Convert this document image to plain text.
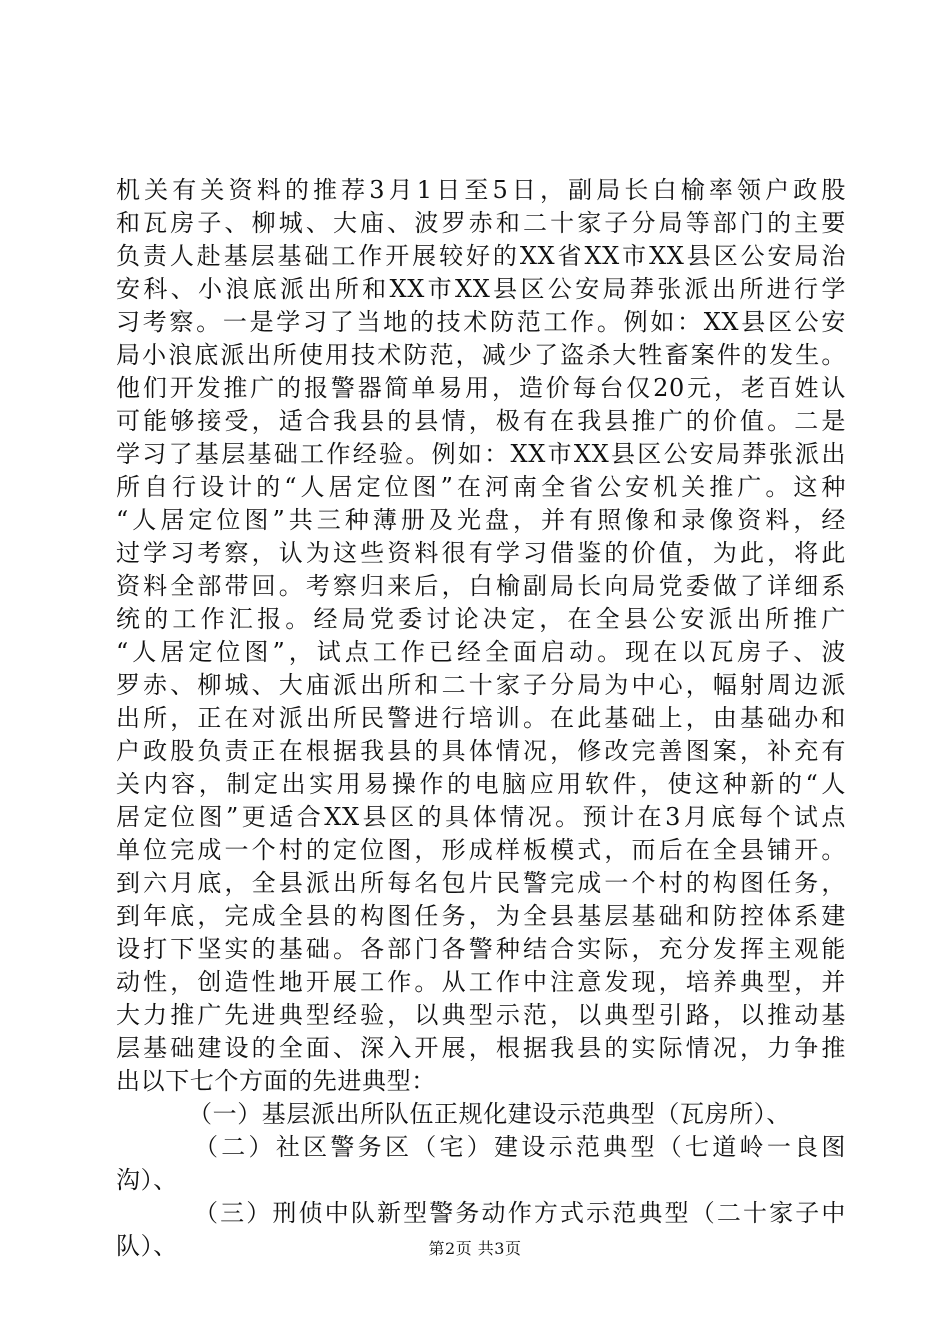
机关有关资料的推荐3月1日至5日，副局长白榆率领户政股
和瓦房子、柳城、大庙、波罗赤和二十家子分局等部门的主要
负责人赴基层基础工作开展较好的XX省XX市XX县区公安局治
安科、小浪底派出所和XX市XX县区公安局莽张派出所进行学
习考察。一是学习了当地的技术防范工作。例如：XX县区公安
局小浪底派出所使用技术防范，减少了盗杀大牲畜案件的发生。
他们开发推广的报警器简单易用，造价每台仅20元，老百姓认
可能够接受，适合我县的县情，极有在我县推广的价值。二是
学习了基层基础工作经验。例如：XX市XX县区公安局莽张派出
所自行设计的“人居定位图”在河南全省公安机关推广。这种
“人居定位图”共三种薄册及光盘，并有照像和录像资料，经
过学习考察，认为这些资料很有学习借鉴的价值，为此，将此
资料全部带回。考察归来后，白榆副局长向局党委做了详细系
统的工作汇报。经局党委讨论决定，在全县公安派出所推广
“人居定位图”，试点工作已经全面启动。现在以瓦房子、波
罗赤、柳城、大庙派出所和二十家子分局为中心，幅射周边派
出所，正在对派出所民警进行培训。在此基础上，由基础办和
户政股负责正在根据我县的具体情况，修改完善图案，补充有
关内容，制定出实用易操作的电脑应用软件，使这种新的“人
居定位图”更适合XX县区的具体情况。预计在3月底每个试点
单位完成一个村的定位图，形成样板模式，而后在全县铺开。
到六月底，全县派出所每名包片民警完成一个村的构图任务，
到年底，完成全县的构图任务，为全县基层基础和防控体系建
设打下坚实的基础。各部门各警种结合实际，充分发挥主观能
动性，创造性地开展工作。从工作中注意发现，培养典型，并
大力推广先进典型经验，以典型示范，以典型引路，以推动基
层基础建设的全面、深入开展，根据我县的实际情况，力争推
出以下七个方面的先进典型：
（一）基层派出所队伍正规化建设示范典型（瓦房所）、
（二）社区警务区（宅）建设示范典型（七道岭一良图
沟）、
（三）刑侦中队新型警务动作方式示范典型（二十家子中
队）、	第2页 共3页
